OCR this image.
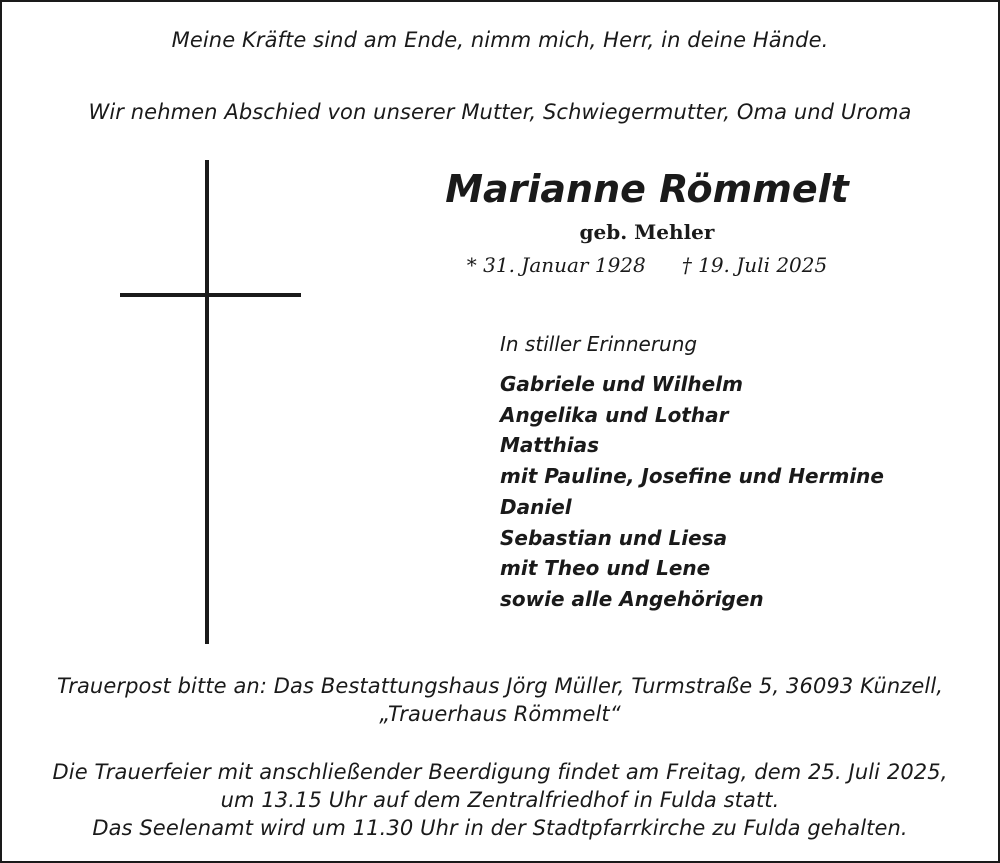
Meine Kräfte sind am Ende, nimm mich, Herr, in deine Hände.
Wir nehmen Abschied von unserer Mutter, Schwiegermutter, Oma und Uroma
Marianne Römmelt
geb. Mehler
* 31. Januar 1928 † 19. Juli 2025
In stiller Erinnerung
Gabriele und Wilhelm
Angelika und Lothar
Matthias
mit Pauline, Josefine und Hermine
Daniel
Sebastian und Liesa
mit Theo und Lene
sowie alle Angehörigen
Trauerpost bitte an: Das Bestattungshaus Jörg Müller, Turmstraße 5, 36093 Künzell,
„Trauerhaus Römmelt“
Die Trauerfeier mit anschließender Beerdigung findet am Freitag, dem 25. Juli 2025,
um 13.15 Uhr auf dem Zentralfriedhof in Fulda statt.
Das Seelenamt wird um 11.30 Uhr in der Stadtpfarrkirche zu Fulda gehalten.
